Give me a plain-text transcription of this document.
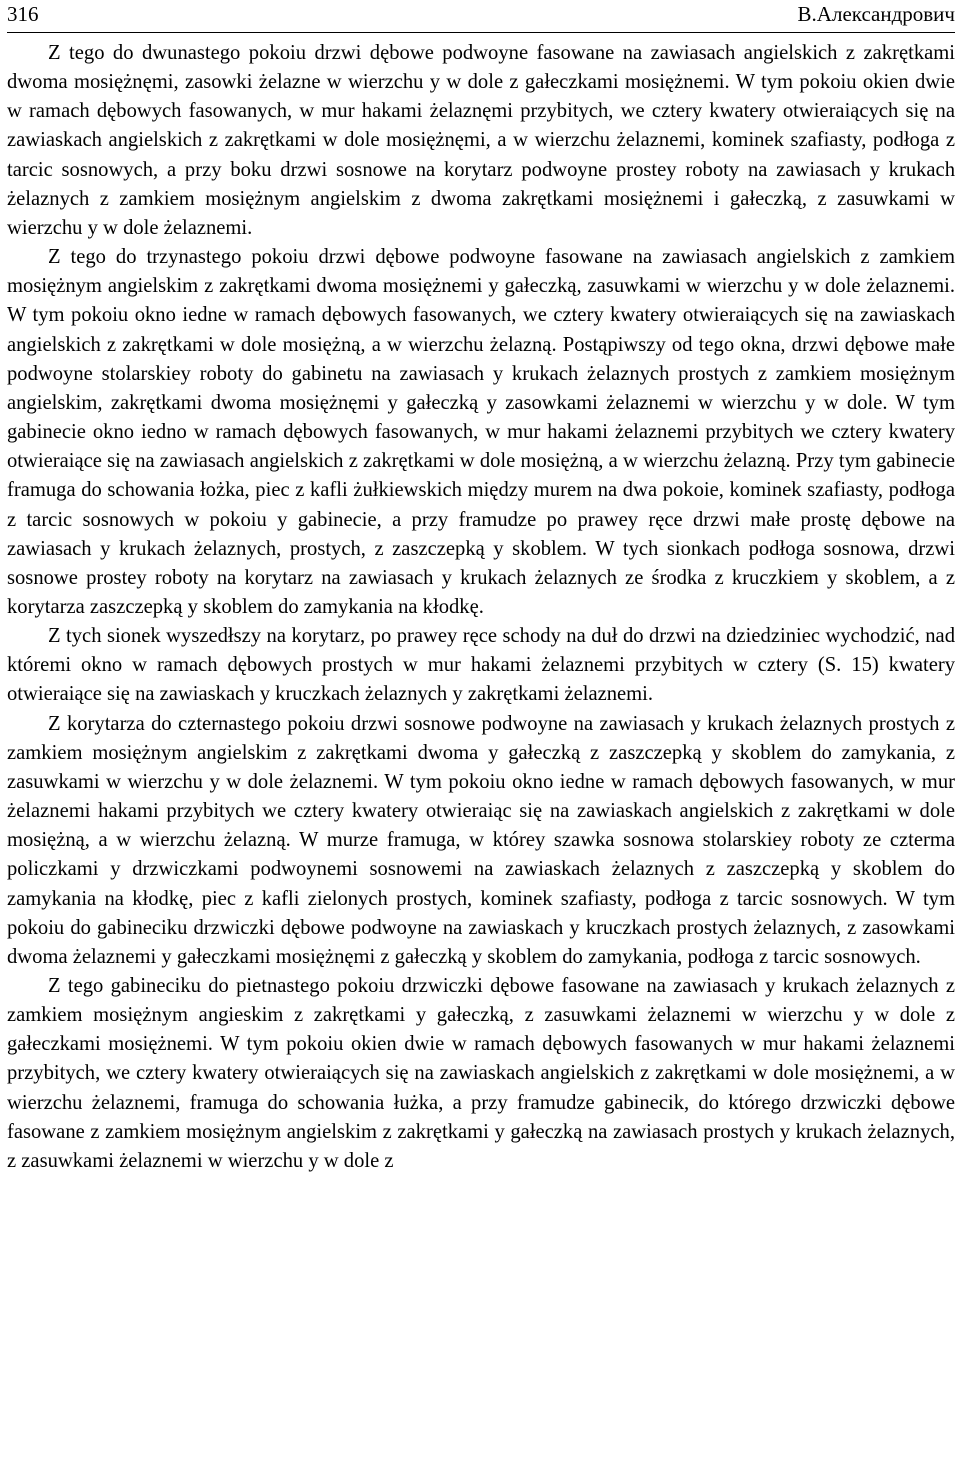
316	В.Александрович

Z tego do dwunastego pokoiu drzwi dębowe podwoyne fasowane na zawiasach angielskich z zakrętkami dwoma mosiężnęmi, zasowki żelazne w wierzchu y w dole z gałeczkami mosiężnemi. W tym pokoiu okien dwie w ramach dębowych fasowanych, w mur hakami żelaznęmi przybitych, we cztery kwatery otwieraiących się na zawiaskach angielskich z zakrętkami w dole mosiężnęmi, a w wierzchu żelaznemi, kominek szafiasty, podłoga z tarcic sosnowych, a przy boku drzwi sosnowe na korytarz podwoyne prostey roboty na zawiasach y krukach żelaznych z zamkiem mosiężnym angielskim z dwoma zakrętkami mosiężnemi i gałeczką, z zasuwkami w wierzchu y w dole żelaznemi.

Z tego do trzynastego pokoiu drzwi dębowe podwoyne fasowane na zawiasach angielskich z zamkiem mosiężnym angielskim z zakrętkami dwoma mosiężnemi y gałeczką, zasuwkami w wierzchu y w dole żelaznemi. W tym pokoiu okno iedne w ramach dębowych fasowanych, we cztery kwatery otwieraiących się na zawiaskach angielskich z zakrętkami w dole mosiężną, a w wierzchu żelazną. Postąpiwszy od tego okna, drzwi dębowe małe podwoyne stolarskiey roboty do gabinetu na zawiasach y krukach żelaznych prostych z zamkiem mosiężnym angielskim, zakrętkami dwoma mosiężnęmi y gałeczką y zasowkami żelaznemi w wierzchu y w dole. W tym gabinecie okno iedno w ramach dębowych fasowanych, w mur hakami żelaznemi przybitych we cztery kwatery otwieraiące się na zawiasach angielskich z zakrętkami w dole mosiężną, a w wierzchu żelazną. Przy tym gabinecie framuga do schowania łożka, piec z kafli żułkiewskich między murem na dwa pokoie, kominek szafiasty, podłoga z tarcic sosnowych w pokoiu y gabinecie, a przy framudze po prawey ręce drzwi małe prostę dębowe na zawiasach y krukach żelaznych, prostych, z zaszczepką y skoblem. W tych sionkach podłoga sosnowa, drzwi sosnowe prostey roboty na korytarz na zawiasach y krukach żelaznych ze środka z kruczkiem y skoblem, a z korytarza zaszczepką y skoblem do zamykania na kłodkę.

Z tych sionek wyszedłszy na korytarz, po prawey ręce schody na duł do drzwi na dziedziniec wychodzić, nad któremi okno w ramach dębowych prostych w mur hakami żelaznemi przybitych w cztery (S. 15) kwatery otwieraiące się na zawiaskach y kruczkach żelaznych y zakrętkami żelaznemi.

Z korytarza do czternastego pokoiu drzwi sosnowe podwoyne na zawiasach y krukach żelaznych prostych z zamkiem mosiężnym angielskim z zakrętkami dwoma y gałeczką z zaszczepką y skoblem do zamykania, z zasuwkami w wierzchu y w dole żelaznemi. W tym pokoiu okno iedne w ramach dębowych fasowanych, w mur żelaznemi hakami przybitych we cztery kwatery otwieraiąc się na zawiaskach angielskich z zakrętkami w dole mosiężną, a w wierzchu żelazną. W murze framuga, w którey szawka sosnowa stolarskiey roboty ze czterma policzkami y drzwiczkami podwoynemi sosnowemi na zawiaskach żelaznych z zaszczepką y skoblem do zamykania na kłodkę, piec z kafli zielonych prostych, kominek szafiasty, podłoga z tarcic sosnowych. W tym pokoiu do gabineciku drzwiczki dębowe podwoyne na zawiaskach y kruczkach prostych żelaznych, z zasowkami dwoma żelaznemi y gałeczkami mosiężnęmi z gałeczką y skoblem do zamykania, podłoga z tarcic sosnowych.

Z tego gabineciku do pietnastego pokoiu drzwiczki dębowe fasowane na zawiasach y krukach żelaznych z zamkiem mosiężnym angieskim z zakrętkami y gałeczką, z zasuwkami żelaznemi w wierzchu y w dole z gałeczkami mosiężnemi. W tym pokoiu okien dwie w ramach dębowych fasowanych w mur hakami żelaznemi przybitych, we cztery kwatery otwieraiących się na zawiaskach angielskich z zakrętkami w dole mosiężnemi, a w wierzchu żelaznemi, framuga do schowania łużka, a przy framudze gabinecik, do którego drzwiczki dębowe fasowane z zamkiem mosiężnym angielskim z zakrętkami y gałeczką na zawiasach prostych y krukach żelaznych, z zasuwkami żelaznemi w wierzchu y w dole z
